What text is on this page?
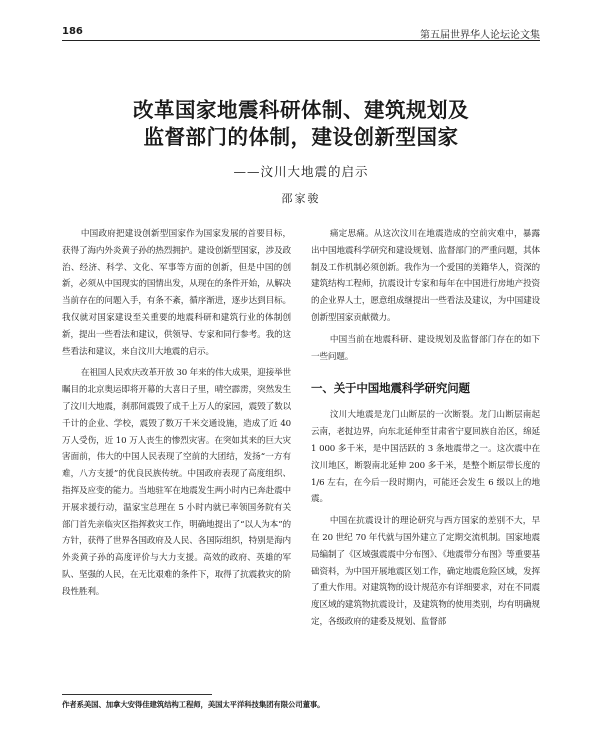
186	第五届世界华人论坛论文集
改革国家地震科研体制、建筑规划及
监督部门的体制，建设创新型国家
——汶川大地震的启示
邵家骏

中国政府把建设创新型国家作为国家发展的首要目标，获得了海内外炎黄子孙的热烈拥护。建设创新型国家，涉及政治、经济、科学、文化、军事等方面的创新，但是中国的创新，必须从中国现实的国情出发，从现在的条件开始，从解决当前存在的问题入手，有条不紊，循序渐进，逐步达到目标。我仅就对国家建设至关重要的地震科研和建筑行业的体制创新，提出一些看法和建议，供领导、专家和同行参考。我的这些看法和建议，来自汶川大地震的启示。

在祖国人民欢庆改革开放 30 年来的伟大成果，迎接举世瞩目的北京奥运即将开幕的大喜日子里，晴空霹雳，突然发生了汶川大地震，刹那间震毁了成千上万人的家园，震毁了数以千计的企业、学校，震毁了数万千米交通设施，造成了近 40 万人受伤，近 10 万人丧生的惨烈灾害。在突如其来的巨大灾害面前，伟大的中国人民表现了空前的大团结，发扬“一方有难，八方支援”的优良民族传统。中国政府表现了高度组织、指挥及应变的能力。当地驻军在地震发生两小时内已奔赴震中开展求援行动，温家宝总理在 5 小时内就已率领国务院有关部门首先亲临灾区指挥救灾工作，明确地提出了“以人为本”的方针，获得了世界各国政府及人民、各国际组织，特别是海内外炎黄子孙的高度评价与大力支援。高效的政府、英雄的军队、坚强的人民，在无比艰难的条件下，取得了抗震救灾的阶段性胜利。

痛定思痛。从这次汶川在地震造成的空前灾难中，暴露出中国地震科学研究和建设规划、监督部门的严重问题，其体制及工作机制必须创新。我作为一个爱国的美籍华人，资深的建筑结构工程师，抗震设计专家和每年在中国进行房地产投资的企业界人士，愿意组成继提出一些看法及建议，为中国建设创新型国家贡献微力。

中国当前在地震科研、建设规划及监督部门存在的如下一些问题。

一、关于中国地震科学研究问题

汶川大地震是龙门山断层的一次断裂。龙门山断层南起云南，老挝边界，向东北延伸至甘肃省宁夏回族自治区，绵延 1 000 多千米，是中国活跃的 3 条地震带之一。这次震中在汶川地区，断裂南北延伸 200 多千米，是整个断层带长度的 1/6 左右，在今后一段时期内，可能还会发生 6 级以上的地震。

中国在抗震设计的理论研究与西方国家的差别不大，早在 20 世纪 70 年代就与国外建立了定期交流机制。国家地震局编制了《区域强震震中分布图》、《地震带分布图》等重要基础资料，为中国开展地震区划工作，确定地震危险区域，发挥了重大作用。对建筑物的设计规范亦有详细要求，对在不同震度区域的建筑物抗震设计，及建筑物的使用类别，均有明确规定，各级政府的建委及规划、监督部

作者系美国、加拿大安得佳建筑结构工程师，美国太平洋科技集团有限公司董事。
